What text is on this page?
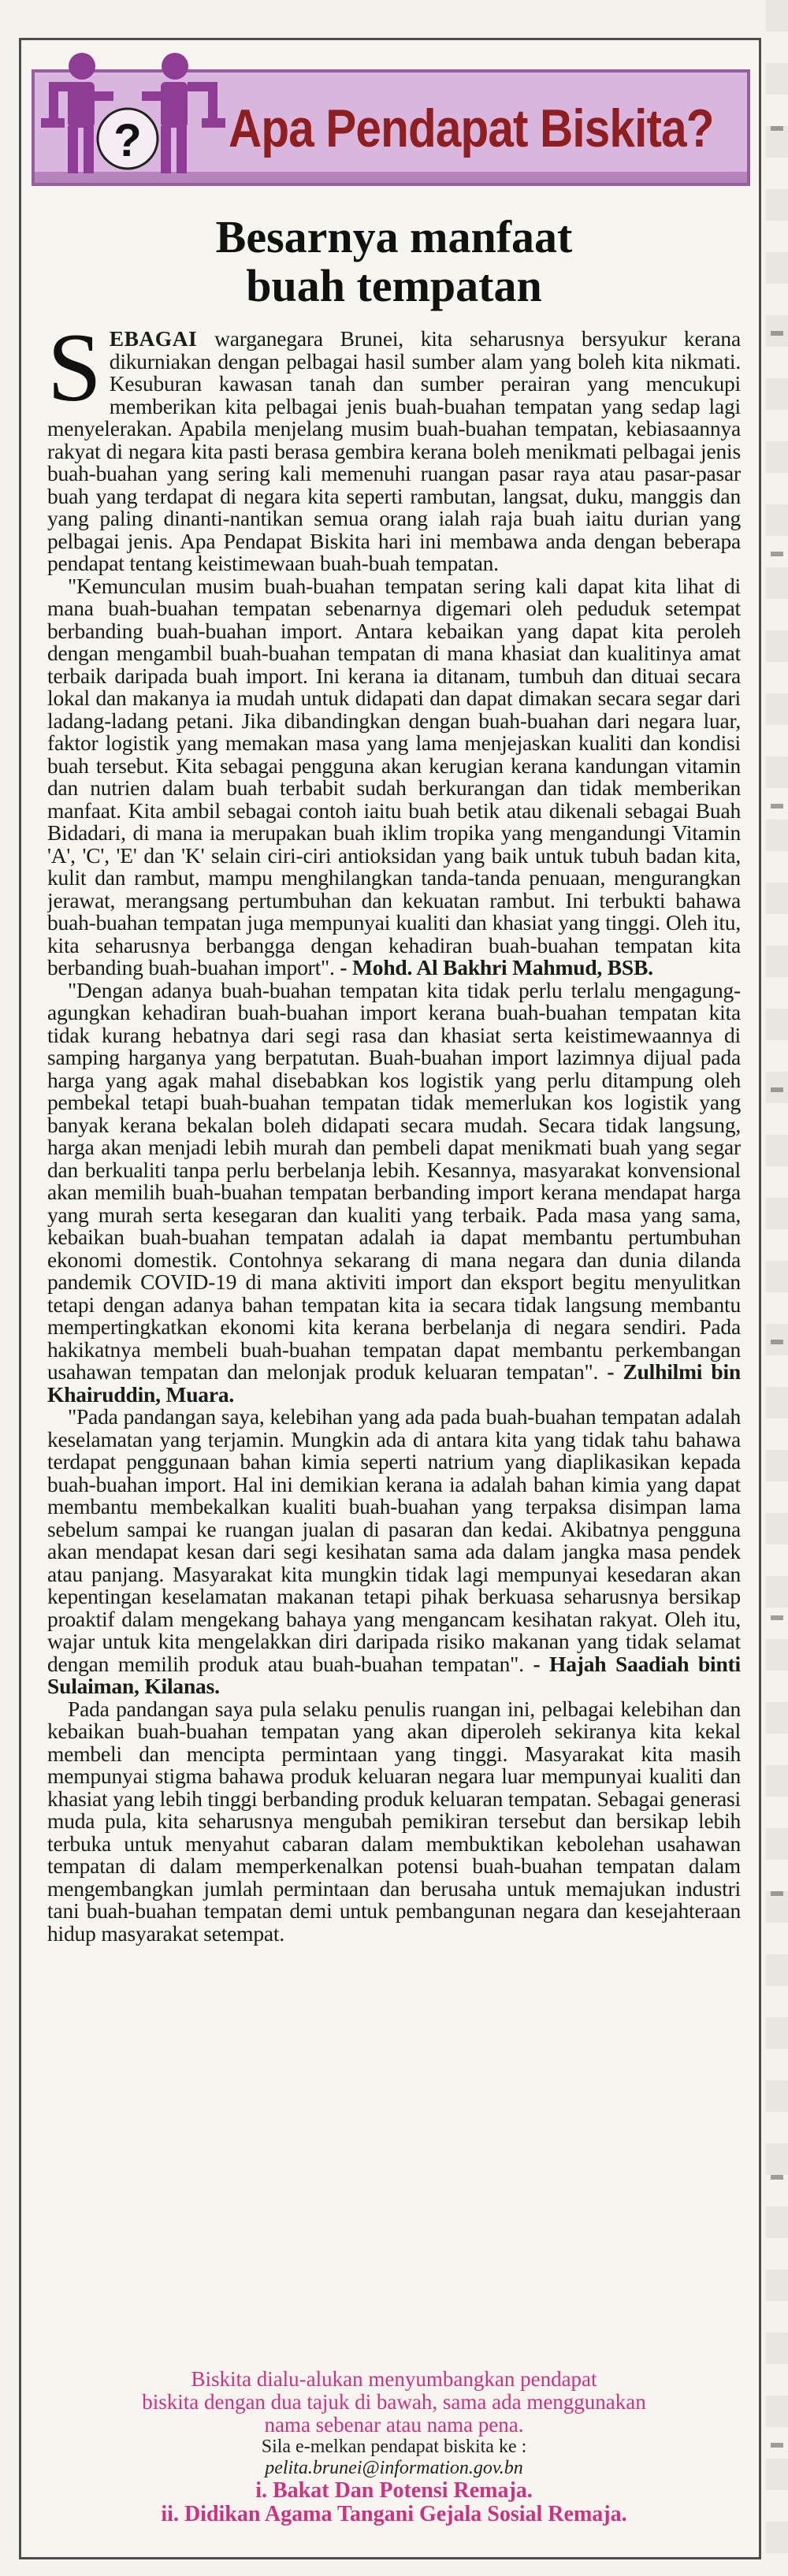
? Apa Pendapat Biskita?
Besarnya manfaat
buah tempatan

SEBAGAI warganegara Brunei, kita seharusnya bersyukur kerana dikurniakan dengan pelbagai hasil sumber alam yang boleh kita nikmati. Kesuburan kawasan tanah dan sumber perairan yang mencukupi memberikan kita pelbagai jenis buah-buahan tempatan yang sedap lagi menyelerakan. Apabila menjelang musim buah-buahan tempatan, kebiasaannya rakyat di negara kita pasti berasa gembira kerana boleh menikmati pelbagai jenis buah-buahan yang sering kali memenuhi ruangan pasar raya atau pasar-pasar buah yang terdapat di negara kita seperti rambutan, langsat, duku, manggis dan yang paling dinanti-nantikan semua orang ialah raja buah iaitu durian yang pelbagai jenis. Apa Pendapat Biskita hari ini membawa anda dengan beberapa pendapat tentang keistimewaan buah-buah tempatan.

"Kemunculan musim buah-buahan tempatan sering kali dapat kita lihat di mana buah-buahan tempatan sebenarnya digemari oleh peduduk setempat berbanding buah-buahan import. Antara kebaikan yang dapat kita peroleh dengan mengambil buah-buahan tempatan di mana khasiat dan kualitinya amat terbaik daripada buah import. Ini kerana ia ditanam, tumbuh dan dituai secara lokal dan makanya ia mudah untuk didapati dan dapat dimakan secara segar dari ladang-ladang petani. Jika dibandingkan dengan buah-buahan dari negara luar, faktor logistik yang memakan masa yang lama menjejaskan kualiti dan kondisi buah tersebut. Kita sebagai pengguna akan kerugian kerana kandungan vitamin dan nutrien dalam buah terbabit sudah berkurangan dan tidak memberikan manfaat. Kita ambil sebagai contoh iaitu buah betik atau dikenali sebagai Buah Bidadari, di mana ia merupakan buah iklim tropika yang mengandungi Vitamin 'A', 'C', 'E' dan 'K' selain ciri-ciri antioksidan yang baik untuk tubuh badan kita, kulit dan rambut, mampu menghilangkan tanda-tanda penuaan, mengurangkan jerawat, merangsang pertumbuhan dan kekuatan rambut. Ini terbukti bahawa buah-buahan tempatan juga mempunyai kualiti dan khasiat yang tinggi. Oleh itu, kita seharusnya berbangga dengan kehadiran buah-buahan tempatan kita berbanding buah-buahan import". - Mohd. Al Bakhri Mahmud, BSB.

"Dengan adanya buah-buahan tempatan kita tidak perlu terlalu mengagung-agungkan kehadiran buah-buahan import kerana buah-buahan tempatan kita tidak kurang hebatnya dari segi rasa dan khasiat serta keistimewaannya di samping harganya yang berpatutan. Buah-buahan import lazimnya dijual pada harga yang agak mahal disebabkan kos logistik yang perlu ditampung oleh pembekal tetapi buah-buahan tempatan tidak memerlukan kos logistik yang banyak kerana bekalan boleh didapati secara mudah. Secara tidak langsung, harga akan menjadi lebih murah dan pembeli dapat menikmati buah yang segar dan berkualiti tanpa perlu berbelanja lebih. Kesannya, masyarakat konvensional akan memilih buah-buahan tempatan berbanding import kerana mendapat harga yang murah serta kesegaran dan kualiti yang terbaik. Pada masa yang sama, kebaikan buah-buahan tempatan adalah ia dapat membantu pertumbuhan ekonomi domestik. Contohnya sekarang di mana negara dan dunia dilanda pandemik COVID-19 di mana aktiviti import dan eksport begitu menyulitkan tetapi dengan adanya bahan tempatan kita ia secara tidak langsung membantu mempertingkatkan ekonomi kita kerana berbelanja di negara sendiri. Pada hakikatnya membeli buah-buahan tempatan dapat membantu perkembangan usahawan tempatan dan melonjak produk keluaran tempatan". - Zulhilmi bin Khairuddin, Muara.

"Pada pandangan saya, kelebihan yang ada pada buah-buahan tempatan adalah keselamatan yang terjamin. Mungkin ada di antara kita yang tidak tahu bahawa terdapat penggunaan bahan kimia seperti natrium yang diaplikasikan kepada buah-buahan import. Hal ini demikian kerana ia adalah bahan kimia yang dapat membantu membekalkan kualiti buah-buahan yang terpaksa disimpan lama sebelum sampai ke ruangan jualan di pasaran dan kedai. Akibatnya pengguna akan mendapat kesan dari segi kesihatan sama ada dalam jangka masa pendek atau panjang. Masyarakat kita mungkin tidak lagi mempunyai kesedaran akan kepentingan keselamatan makanan tetapi pihak berkuasa seharusnya bersikap proaktif dalam mengekang bahaya yang mengancam kesihatan rakyat. Oleh itu, wajar untuk kita mengelakkan diri daripada risiko makanan yang tidak selamat dengan memilih produk atau buah-buahan tempatan". - Hajah Saadiah binti Sulaiman, Kilanas.

Pada pandangan saya pula selaku penulis ruangan ini, pelbagai kelebihan dan kebaikan buah-buahan tempatan yang akan diperoleh sekiranya kita kekal membeli dan mencipta permintaan yang tinggi. Masyarakat kita masih mempunyai stigma bahawa produk keluaran negara luar mempunyai kualiti dan khasiat yang lebih tinggi berbanding produk keluaran tempatan. Sebagai generasi muda pula, kita seharusnya mengubah pemikiran tersebut dan bersikap lebih terbuka untuk menyahut cabaran dalam membuktikan kebolehan usahawan tempatan di dalam memperkenalkan potensi buah-buahan tempatan dalam mengembangkan jumlah permintaan dan berusaha untuk memajukan industri tani buah-buahan tempatan demi untuk pembangunan negara dan kesejahteraan hidup masyarakat setempat.

Biskita dialu-alukan menyumbangkan pendapat
biskita dengan dua tajuk di bawah, sama ada menggunakan
nama sebenar atau nama pena.
Sila e-melkan pendapat biskita ke :
pelita.brunei@information.gov.bn
i. Bakat Dan Potensi Remaja.
ii. Didikan Agama Tangani Gejala Sosial Remaja.
